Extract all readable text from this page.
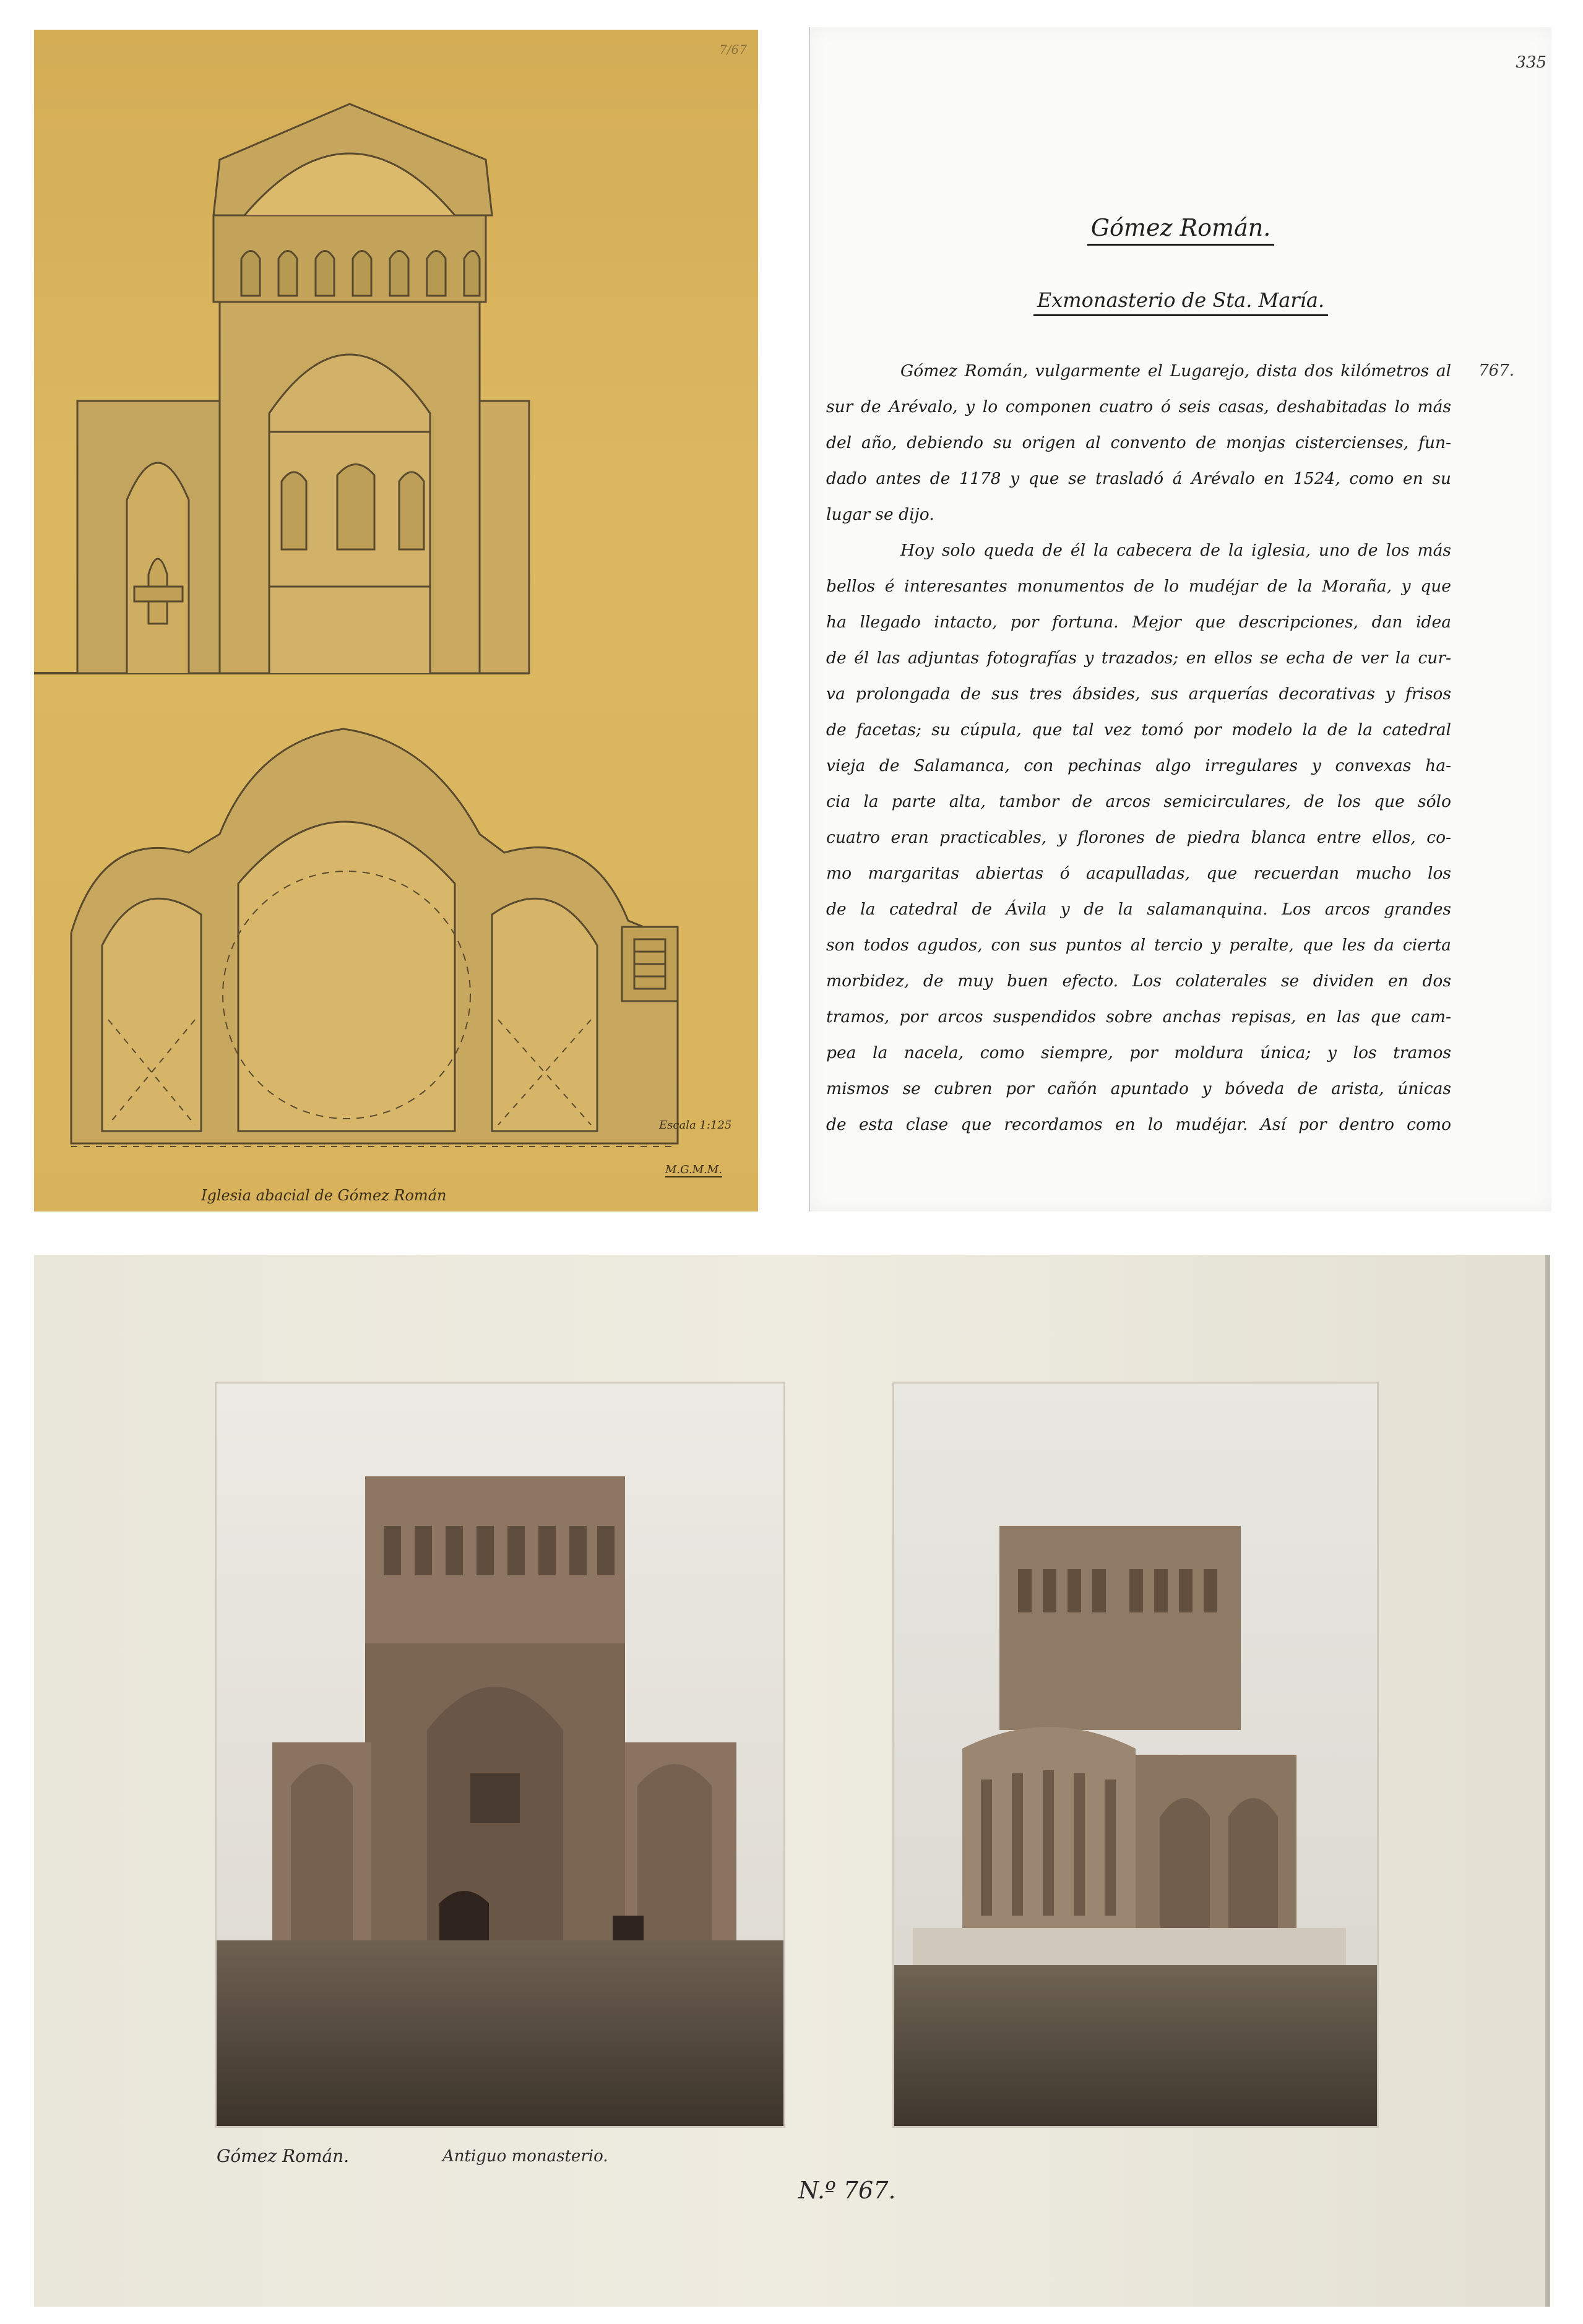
7/67
Escala 1:125
M.G.M.M.
Iglesia abacial de Gómez Román
335
Gómez Román.
Exmonasterio de Sta. María.
767.
Gómez Román, vulgarmente el Lugarejo, dista dos kilómetros al
sur de Arévalo, y lo componen cuatro ó seis casas, deshabitadas lo más
del año, debiendo su origen al convento de monjas cistercienses, fun-
dado antes de 1178 y que se trasladó á Arévalo en 1524, como en su
lugar se dijo.
Hoy solo queda de él la cabecera de la iglesia, uno de los más
bellos é interesantes monumentos de lo mudéjar de la Moraña, y que
ha llegado intacto, por fortuna. Mejor que descripciones, dan idea
de él las adjuntas fotografías y trazados; en ellos se echa de ver la cur-
va prolongada de sus tres ábsides, sus arquerías decorativas y frisos
de facetas; su cúpula, que tal vez tomó por modelo la de la catedral
vieja de Salamanca, con pechinas algo irregulares y convexas ha-
cia la parte alta, tambor de arcos semicirculares, de los que sólo
cuatro eran practicables, y florones de piedra blanca entre ellos, co-
mo margaritas abiertas ó acapulladas, que recuerdan mucho los
de la catedral de Ávila y de la salamanquina. Los arcos grandes
son todos agudos, con sus puntos al tercio y peralte, que les da cierta
morbidez, de muy buen efecto. Los colaterales se dividen en dos
tramos, por arcos suspendidos sobre anchas repisas, en las que cam-
pea la nacela, como siempre, por moldura única; y los tramos
mismos se cubren por cañón apuntado y bóveda de arista, únicas
de esta clase que recordamos en lo mudéjar. Así por dentro como
Gómez Román.	Antiguo monasterio.
N.º 767.
